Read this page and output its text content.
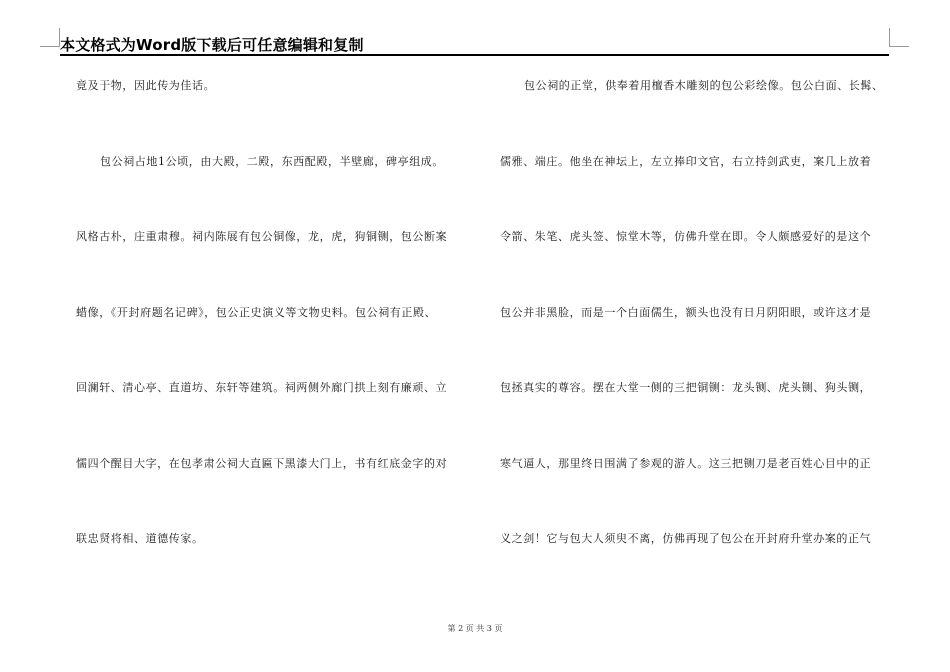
本文格式为Word版下载后可任意编辑和复制
竟及于物，因此传为佳话。
包公祠占地1公顷，由大殿，二殿，东西配殿，半壁廊，碑亭组成。
风格古朴，庄重肃穆。祠内陈展有包公铜像，龙，虎，狗铜铡，包公断案
蜡像，《开封府题名记碑》，包公正史演义等文物史料。包公祠有正殿、
回澜轩、清心亭、直道坊、东轩等建筑。祠两侧外廊门拱上刻有廉顽、立
懦四个醒目大字，在包孝肃公祠大直匾下黑漆大门上，书有红底金字的对
联忠贤将相、道德传家。
包公祠的正堂，供奉着用檀香木雕刻的包公彩绘像。包公白面、长髯、
儒雅、端庄。他坐在神坛上，左立捧印文官，右立持剑武吏，案几上放着
令箭、朱笔、虎头签、惊堂木等，仿佛升堂在即。令人颇感爱好的是这个
包公并非黑脸，而是一个白面儒生，额头也没有日月阴阳眼，或许这才是
包拯真实的尊容。摆在大堂一侧的三把铜铡：龙头铡、虎头铡、狗头铡，
寒气逼人，那里终日围满了参观的游人。这三把铡刀是老百姓心目中的正
义之剑！它与包大人须臾不离，仿佛再现了包公在开封府升堂办案的正气
第 2 页 共 3 页
